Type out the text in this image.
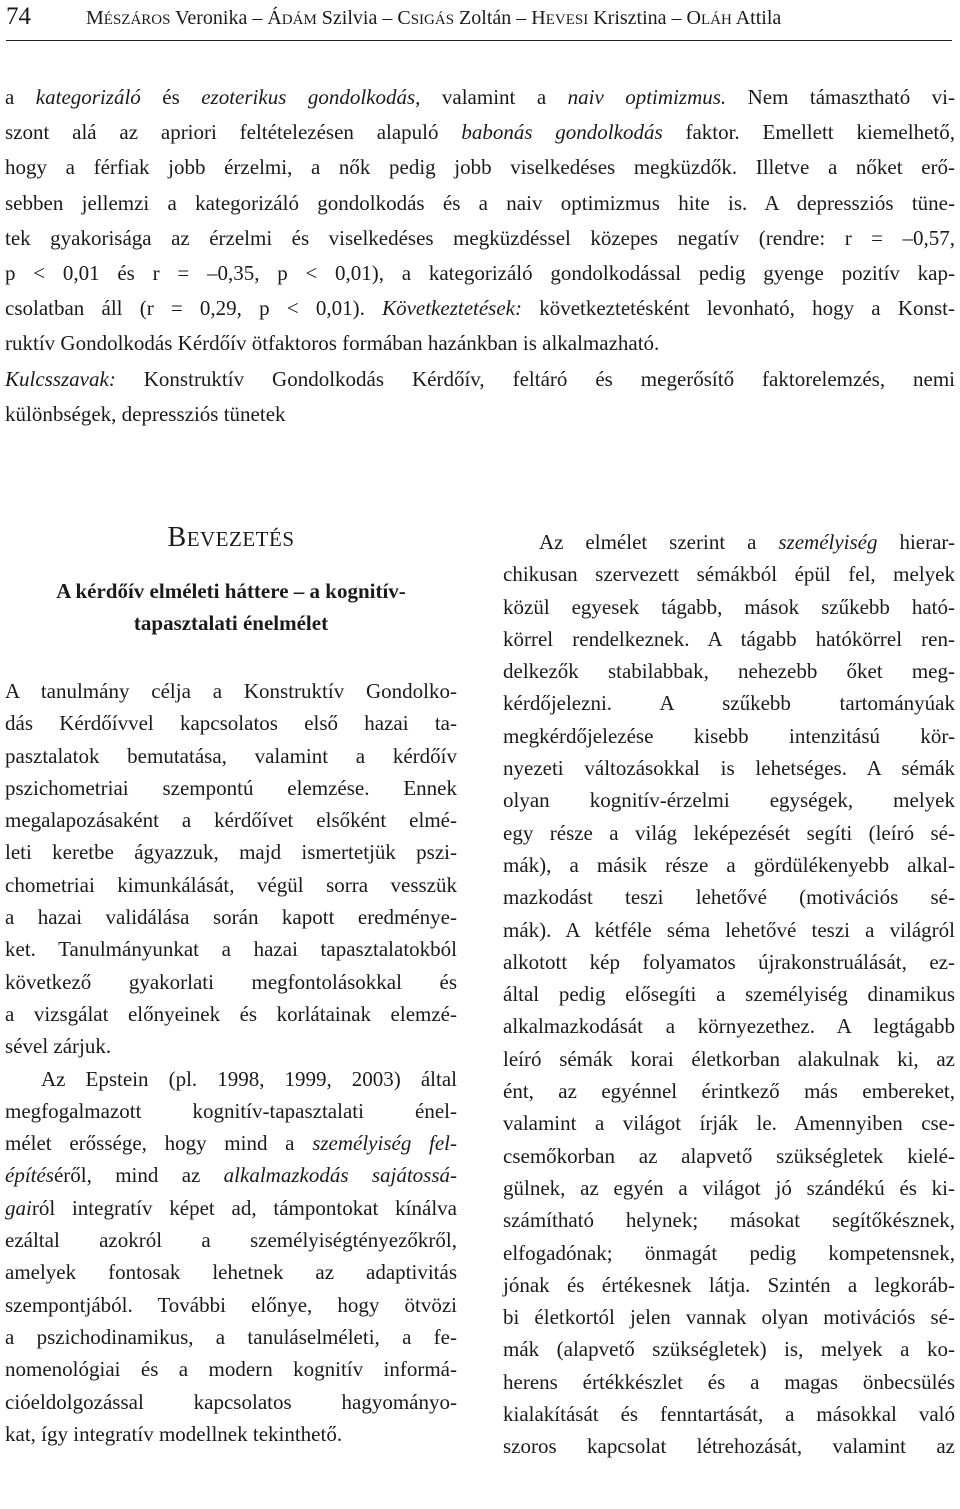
74	MÉSZÁROS Veronika – ÁDÁM Szilvia – CSIGÁS Zoltán – HEVESI Krisztina – OLÁH Attila
a kategorizáló és ezoterikus gondolkodás, valamint a naiv optimizmus. Nem támasztható vi-
szont alá az apriori feltételezésen alapuló babonás gondolkodás faktor. Emellett kiemelhető,
hogy a férfiak jobb érzelmi, a nők pedig jobb viselkedéses megküzdők. Illetve a nőket erő-
sebben jellemzi a kategorizáló gondolkodás és a naiv optimizmus hite is. A depressziós tüne-
tek gyakorisága az érzelmi és viselkedéses megküzdéssel közepes negatív (rendre: r = –0,57,
p < 0,01 és r = –0,35, p < 0,01), a kategorizáló gondolkodással pedig gyenge pozitív kap-
csolatban áll (r = 0,29, p < 0,01). Következtetések: következtetésként levonható, hogy a Konst-
ruktív Gondolkodás Kérdőív ötfaktoros formában hazánkban is alkalmazható.
Kulcsszavak: Konstruktív Gondolkodás Kérdőív, feltáró és megerősítő faktorelemzés, nemi
különbségek, depressziós tünetek
BEVEZETÉS
A kérdőív elméleti háttere – a kognitív-
tapasztalati énelmélet
A tanulmány célja a Konstruktív Gondolko-
dás Kérdőívvel kapcsolatos első hazai ta-
pasztalatok bemutatása, valamint a kérdőív
pszichometriai szempontú elemzése. Ennek
megalapozásaként a kérdőívet elsőként elmé-
leti keretbe ágyazzuk, majd ismertetjük pszi-
chometriai kimunkálását, végül sorra vesszük
a hazai validálása során kapott eredménye-
ket. Tanulmányunkat a hazai tapasztalatokból
következő gyakorlati megfontolásokkal és
a vizsgálat előnyeinek és korlátainak elemzé-
sével zárjuk.
Az Epstein (pl. 1998, 1999, 2003) által
megfogalmazott kognitív-tapasztalati énel-
mélet erőssége, hogy mind a személyiség fel-
építéséről, mind az alkalmazkodás sajátossá-
gairól integratív képet ad, támpontokat kínálva
ezáltal azokról a személyiségtényezőkről,
amelyek fontosak lehetnek az adaptivitás
szempontjából. További előnye, hogy ötvözi
a pszichodinamikus, a tanuláselméleti, a fe-
nomenológiai és a modern kognitív informá-
cióeldolgozással kapcsolatos hagyományo-
kat, így integratív modellnek tekinthető.
Az elmélet szerint a személyiség hierar-
chikusan szervezett sémákból épül fel, melyek
közül egyesek tágabb, mások szűkebb ható-
körrel rendelkeznek. A tágabb hatókörrel ren-
delkezők stabilabbak, nehezebb őket meg-
kérdőjelezni. A szűkebb tartományúak
megkérdőjelezése kisebb intenzitású kör-
nyezeti változásokkal is lehetséges. A sémák
olyan kognitív-érzelmi egységek, melyek
egy része a világ leképezését segíti (leíró sé-
mák), a másik része a gördülékenyebb alkal-
mazkodást teszi lehetővé (motivációs sé-
mák). A kétféle séma lehetővé teszi a világról
alkotott kép folyamatos újrakonstruálását, ez-
által pedig elősegíti a személyiség dinamikus
alkalmazkodását a környezethez. A legtágabb
leíró sémák korai életkorban alakulnak ki, az
ént, az egyénnel érintkező más embereket,
valamint a világot írják le. Amennyiben cse-
csemőkorban az alapvető szükségletek kielé-
gülnek, az egyén a világot jó szándékú és ki-
számítható helynek; másokat segítőkésznek,
elfogadónak; önmagát pedig kompetensnek,
jónak és értékesnek látja. Szintén a legkoráb-
bi életkortól jelen vannak olyan motivációs sé-
mák (alapvető szükségletek) is, melyek a ko-
herens értékkészlet és a magas önbecsülés
kialakítását és fenntartását, a másokkal való
szoros kapcsolat létrehozását, valamint az
